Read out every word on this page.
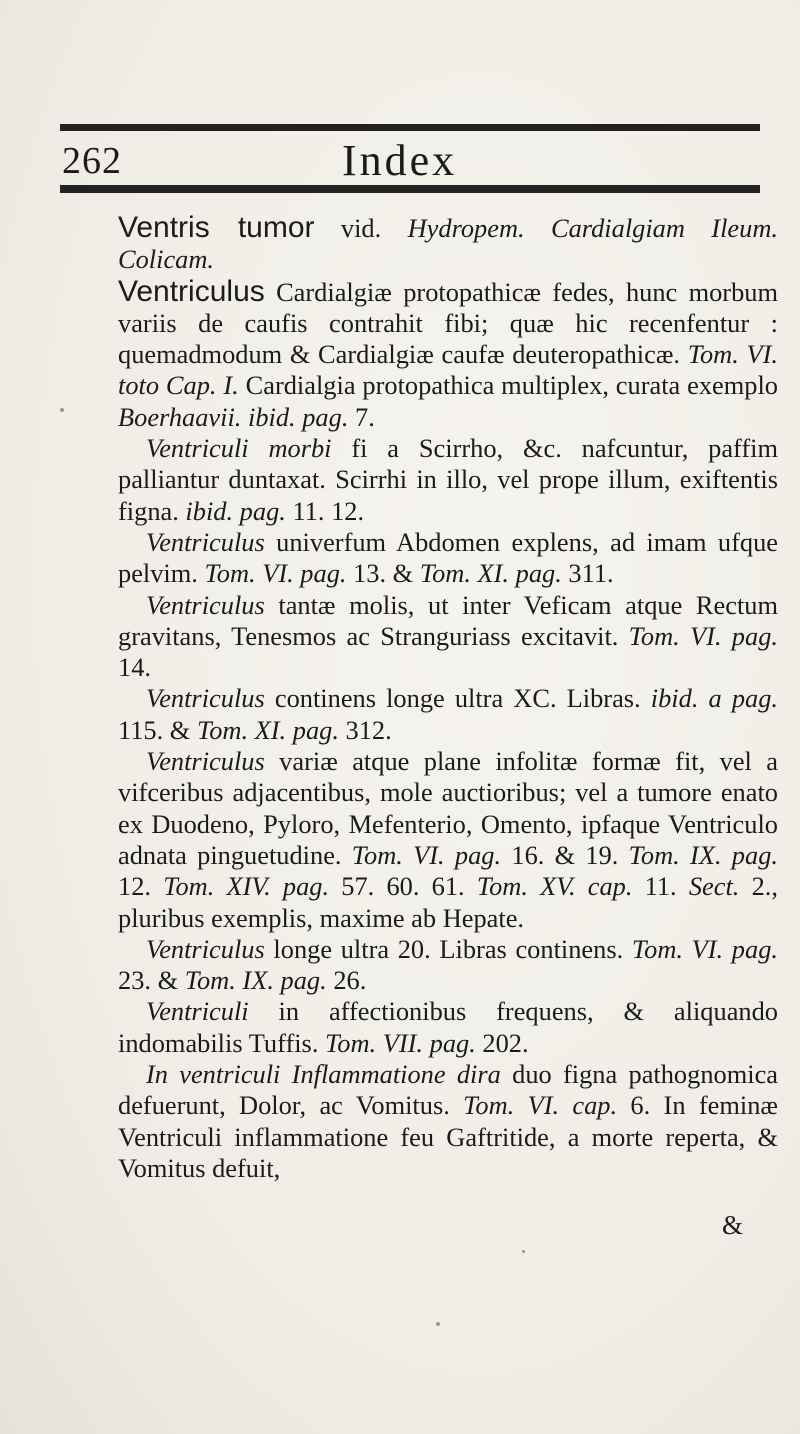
262	Index

Ventris tumor vid. Hydropem. Cardialgiam Ileum. Colicam.

Ventriculus Cardialgiæ protopathicæ fedes, hunc morbum variis de caufis contrahit fibi; quæ hic recenfentur : quemadmodum & Cardialgiæ caufæ deuteropathicæ. Tom. VI. toto Cap. I. Cardialgia protopathica multiplex, curata exemplo Boerhaavii. ibid. pag. 7.

Ventriculi morbi fi a Scirrho, &c. nafcuntur, paffim palliantur duntaxat. Scirrhi in illo, vel prope illum, exiftentis figna. ibid. pag. 11. 12.

Ventriculus univerfum Abdomen explens, ad imam ufque pelvim. Tom. VI. pag. 13. & Tom. XI. pag. 311.

Ventriculus tantæ molis, ut inter Veficam atque Rectum gravitans, Tenesmos ac Stranguriass excitavit. Tom. VI. pag. 14.

Ventriculus continens longe ultra XC. Libras. ibid. a pag. 115. & Tom. XI. pag. 312.

Ventriculus variæ atque plane infolitæ formæ fit, vel a vifceribus adjacentibus, mole auctioribus; vel a tumore enato ex Duodeno, Pyloro, Mefenterio, Omento, ipfaque Ventriculo adnata pinguetudine. Tom. VI. pag. 16. & 19. Tom. IX. pag. 12. Tom. XIV. pag. 57. 60. 61. Tom. XV. cap. 11. Sect. 2., pluribus exemplis, maxime ab Hepate.

Ventriculus longe ultra 20. Libras continens. Tom. VI. pag. 23. & Tom. IX. pag. 26.

Ventriculi in affectionibus frequens, & aliquando indomabilis Tuffis. Tom. VII. pag. 202.

In ventriculi Inflammatione dira duo figna pathognomica defuerunt, Dolor, ac Vomitus. Tom. VI. cap. 6. In feminæ Ventriculi inflammatione feu Gaftritide, a morte reperta, & Vomitus defuit,

&
